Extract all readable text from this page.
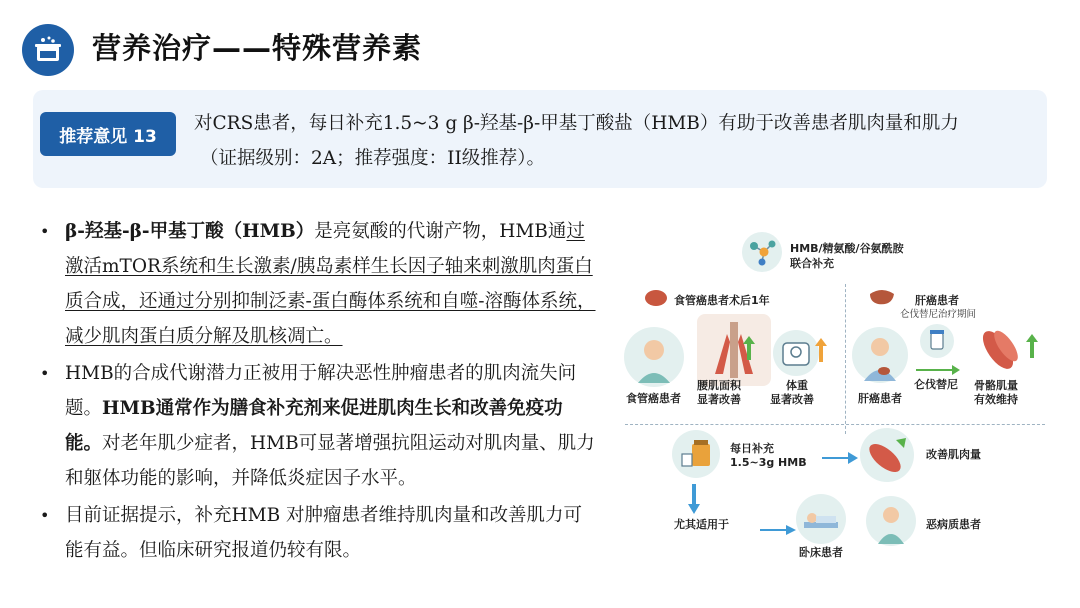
营养治疗——特殊营养素
推荐意见 13
对CRS患者，每日补充1.5~3 g β-羟基-β-甲基丁酸盐（HMB）有助于改善患者肌肉量和肌力
（证据级别：2A；推荐强度：II级推荐）。
• β-羟基-β-甲基丁酸（HMB）是亮氨酸的代谢产物，HMB通过激活mTOR系统和生长激素/胰岛素样生长因子轴来刺激肌肉蛋白质合成，还通过分别抑制泛素-蛋白酶体系统和自噬-溶酶体系统，减少肌肉蛋白质分解及肌核凋亡。
• HMB的合成代谢潜力正被用于解决恶性肿瘤患者的肌肉流失问题。HMB通常作为膳食补充剂来促进肌肉生长和改善免疫功能。对老年肌少症者，HMB可显著增强抗阻运动对肌肉量、肌力和躯体功能的影响，并降低炎症因子水平。
• 目前证据提示，补充HMB 对肿瘤患者维持肌肉量和改善肌力可能有益。但临床研究报道仍较有限。
HMB/精氨酸/谷氨酰胺
联合补充
食管癌患者术后1年
食管癌患者
腰肌面积
显著改善
体重
显著改善
肝癌患者
仑伐替尼治疗期间
肝癌患者
仑伐替尼 骨骼肌量
有效维持
每日补充
1.5~3g HMB
改善肌肉量
尤其适用于
卧床患者
恶病质患者
